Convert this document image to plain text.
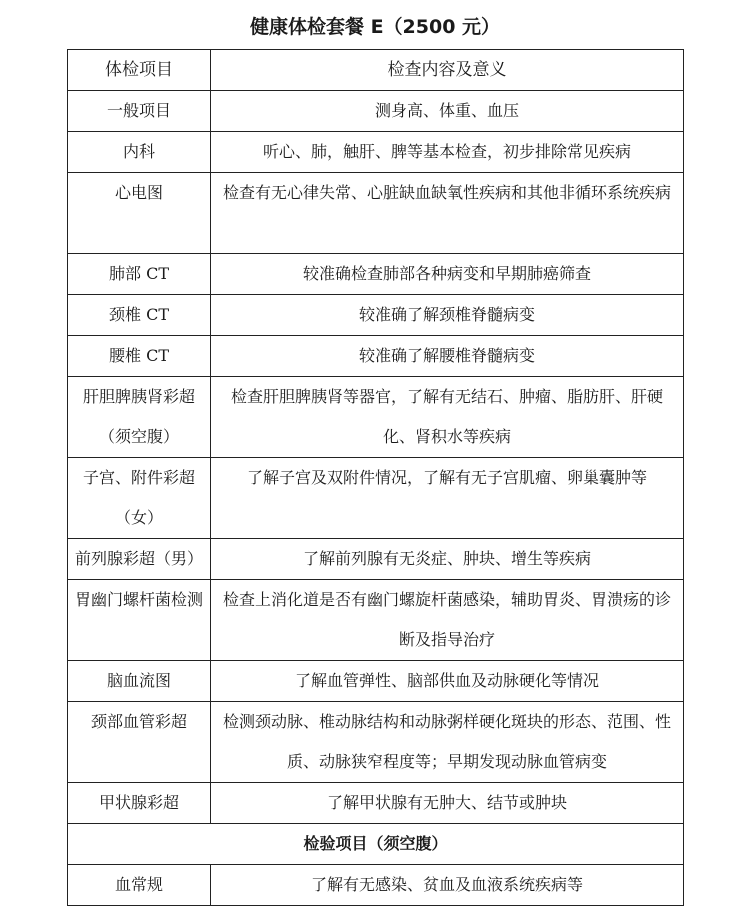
健康体检套餐 E（2500 元）
体检项目	检查内容及意义
一般项目	测身高、体重、血压
内科	听心、肺，触肝、脾等基本检查，初步排除常见疾病
心电图	检查有无心律失常、心脏缺血缺氧性疾病和其他非循环系统疾病
肺部 CT	较准确检查肺部各种病变和早期肺癌筛查
颈椎 CT	较准确了解颈椎脊髓病变
腰椎 CT	较准确了解腰椎脊髓病变
肝胆脾胰肾彩超（须空腹）	检查肝胆脾胰肾等器官，了解有无结石、肿瘤、脂肪肝、肝硬化、肾积水等疾病
子宫、附件彩超（女）	了解子宫及双附件情况，了解有无子宫肌瘤、卵巢囊肿等
前列腺彩超（男）	了解前列腺有无炎症、肿块、增生等疾病
胃幽门螺杆菌检测	检查上消化道是否有幽门螺旋杆菌感染，辅助胃炎、胃溃疡的诊断及指导治疗
脑血流图	了解血管弹性、脑部供血及动脉硬化等情况
颈部血管彩超	检测颈动脉、椎动脉结构和动脉粥样硬化斑块的形态、范围、性质、动脉狭窄程度等；早期发现动脉血管病变
甲状腺彩超	了解甲状腺有无肿大、结节或肿块
检验项目（须空腹）	
血常规	了解有无感染、贫血及血液系统疾病等
